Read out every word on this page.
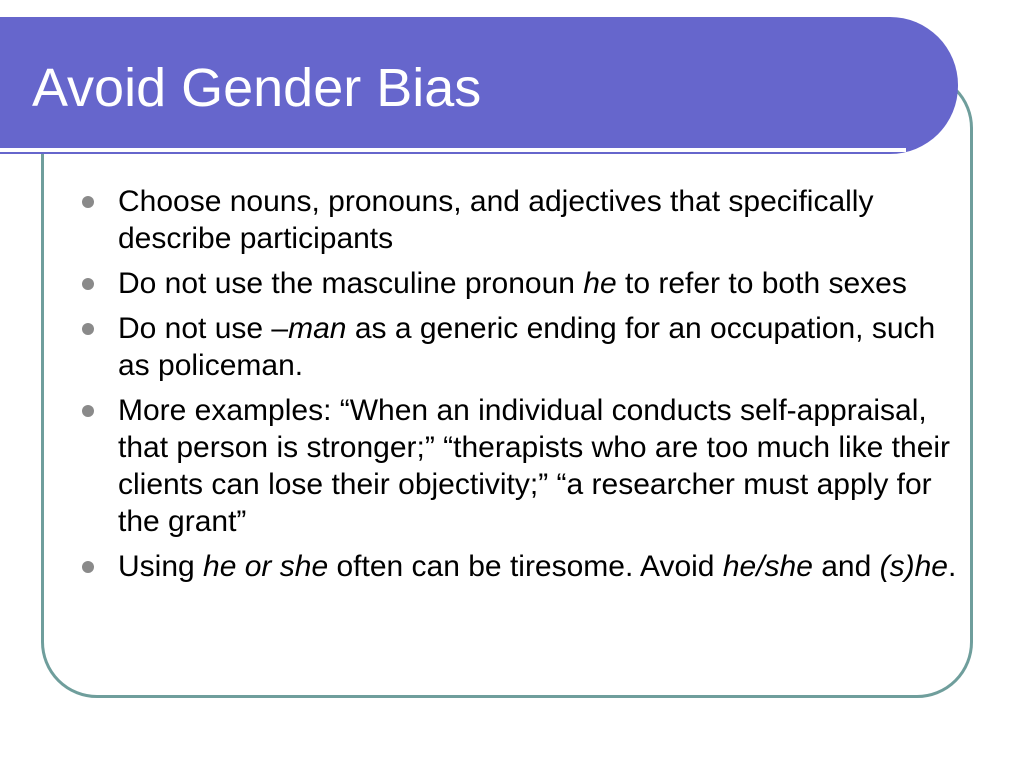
Avoid Gender Bias
Choose nouns, pronouns, and adjectives that specifically describe participants
Do not use the masculine pronoun he to refer to both sexes
Do not use –man as a generic ending for an occupation, such as policeman.
More examples: “When an individual conducts self-appraisal, that person is stronger;” “therapists who are too much like their clients can lose their objectivity;” “a researcher must apply for the grant”
Using he or she often can be tiresome. Avoid he/she and (s)he.
